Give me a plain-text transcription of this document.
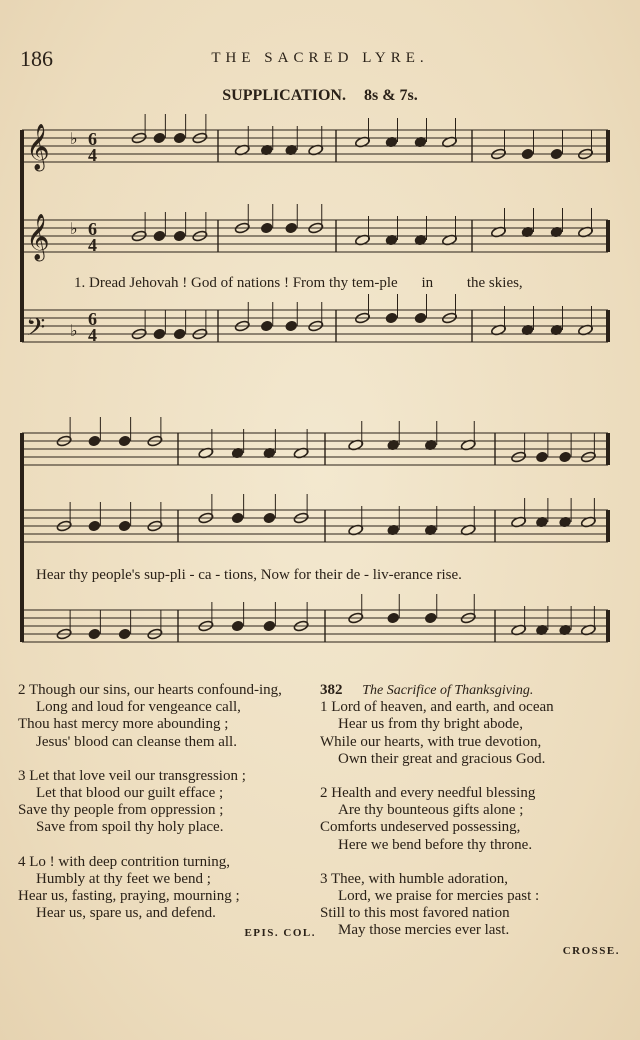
186	THE SACRED LYRE.
SUPPLICATION. 8s & 7s.
𝄞 6
4
♭
𝄞 6
4
♭
𝄢 6
4
♭
1. Dread Jehovah ! God of nations ! From thy tem-ple in the skies,
Hear thy people's sup-pli - ca - tions, Now for their de - liv-erance rise.
2 Though our sins, our hearts confound-ing,
Long and loud for vengeance call,
Thou hast mercy more abounding ;
Jesus' blood can cleanse them all.
3 Let that love veil our transgression ;
Let that blood our guilt efface ;
Save thy people from oppression ;
Save from spoil thy holy place.
4 Lo ! with deep contrition turning,
Humbly at thy feet we bend ;
Hear us, fasting, praying, mourning ;
Hear us, spare us, and defend.
EPIS. COL.
382 The Sacrifice of Thanksgiving.
1 Lord of heaven, and earth, and ocean
Hear us from thy bright abode,
While our hearts, with true devotion,
Own their great and gracious God.
2 Health and every needful blessing
Are thy bounteous gifts alone ;
Comforts undeserved possessing,
Here we bend before thy throne.
3 Thee, with humble adoration,
Lord, we praise for mercies past :
Still to this most favored nation
May those mercies ever last.
CROSSE.
